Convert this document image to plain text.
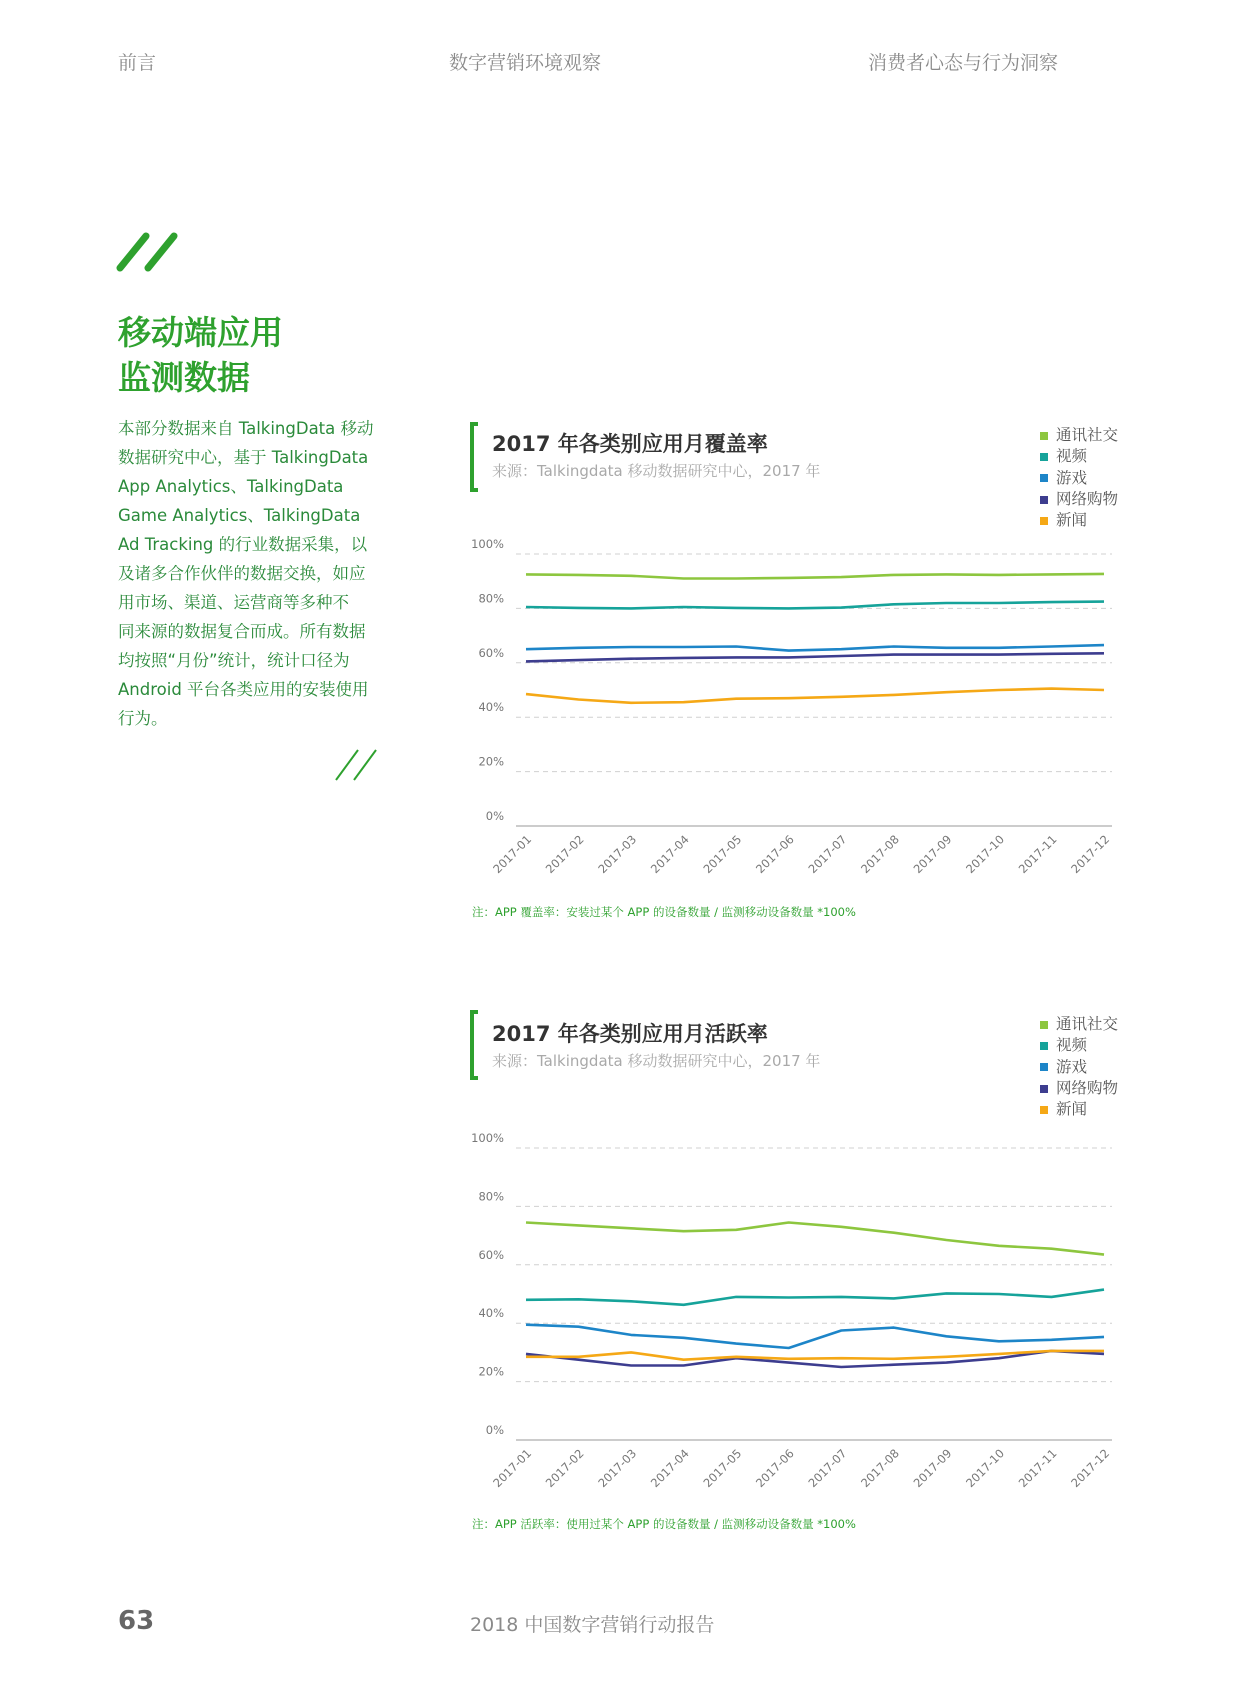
前言	数字营销环境观察	消费者心态与行为洞察
移动端应用
监测数据
本部分数据来自 TalkingData 移动
数据研究中心，基于 TalkingData
App Analytics、TalkingData
Game Analytics、TalkingData
Ad Tracking 的行业数据采集，以
及诸多合作伙伴的数据交换，如应
用市场、渠道、运营商等多种不
同来源的数据复合而成。所有数据
均按照“月份”统计，统计口径为
Android 平台各类应用的安装使用
行为。
2017 年各类别应用月覆盖率
来源：Talkingdata 移动数据研究中心，2017 年
通讯社交
视频
游戏
网络购物
新闻
0%
20%
40%
60%
80%
100%
2017-01 2017-02 2017-03 2017-04 2017-05 2017-06 2017-07 2017-08 2017-09 2017-10 2017-11 2017-12
注：APP 覆盖率：安装过某个 APP 的设备数量 / 监测移动设备数量 *100%
2017 年各类别应用月活跃率
来源：Talkingdata 移动数据研究中心，2017 年
通讯社交
视频
游戏
网络购物
新闻
0%
20%
40%
60%
80%
100%
2017-01 2017-02 2017-03 2017-04 2017-05 2017-06 2017-07 2017-08 2017-09 2017-10 2017-11 2017-12
注：APP 活跃率：使用过某个 APP 的设备数量 / 监测移动设备数量 *100%
63	2018 中国数字营销行动报告
